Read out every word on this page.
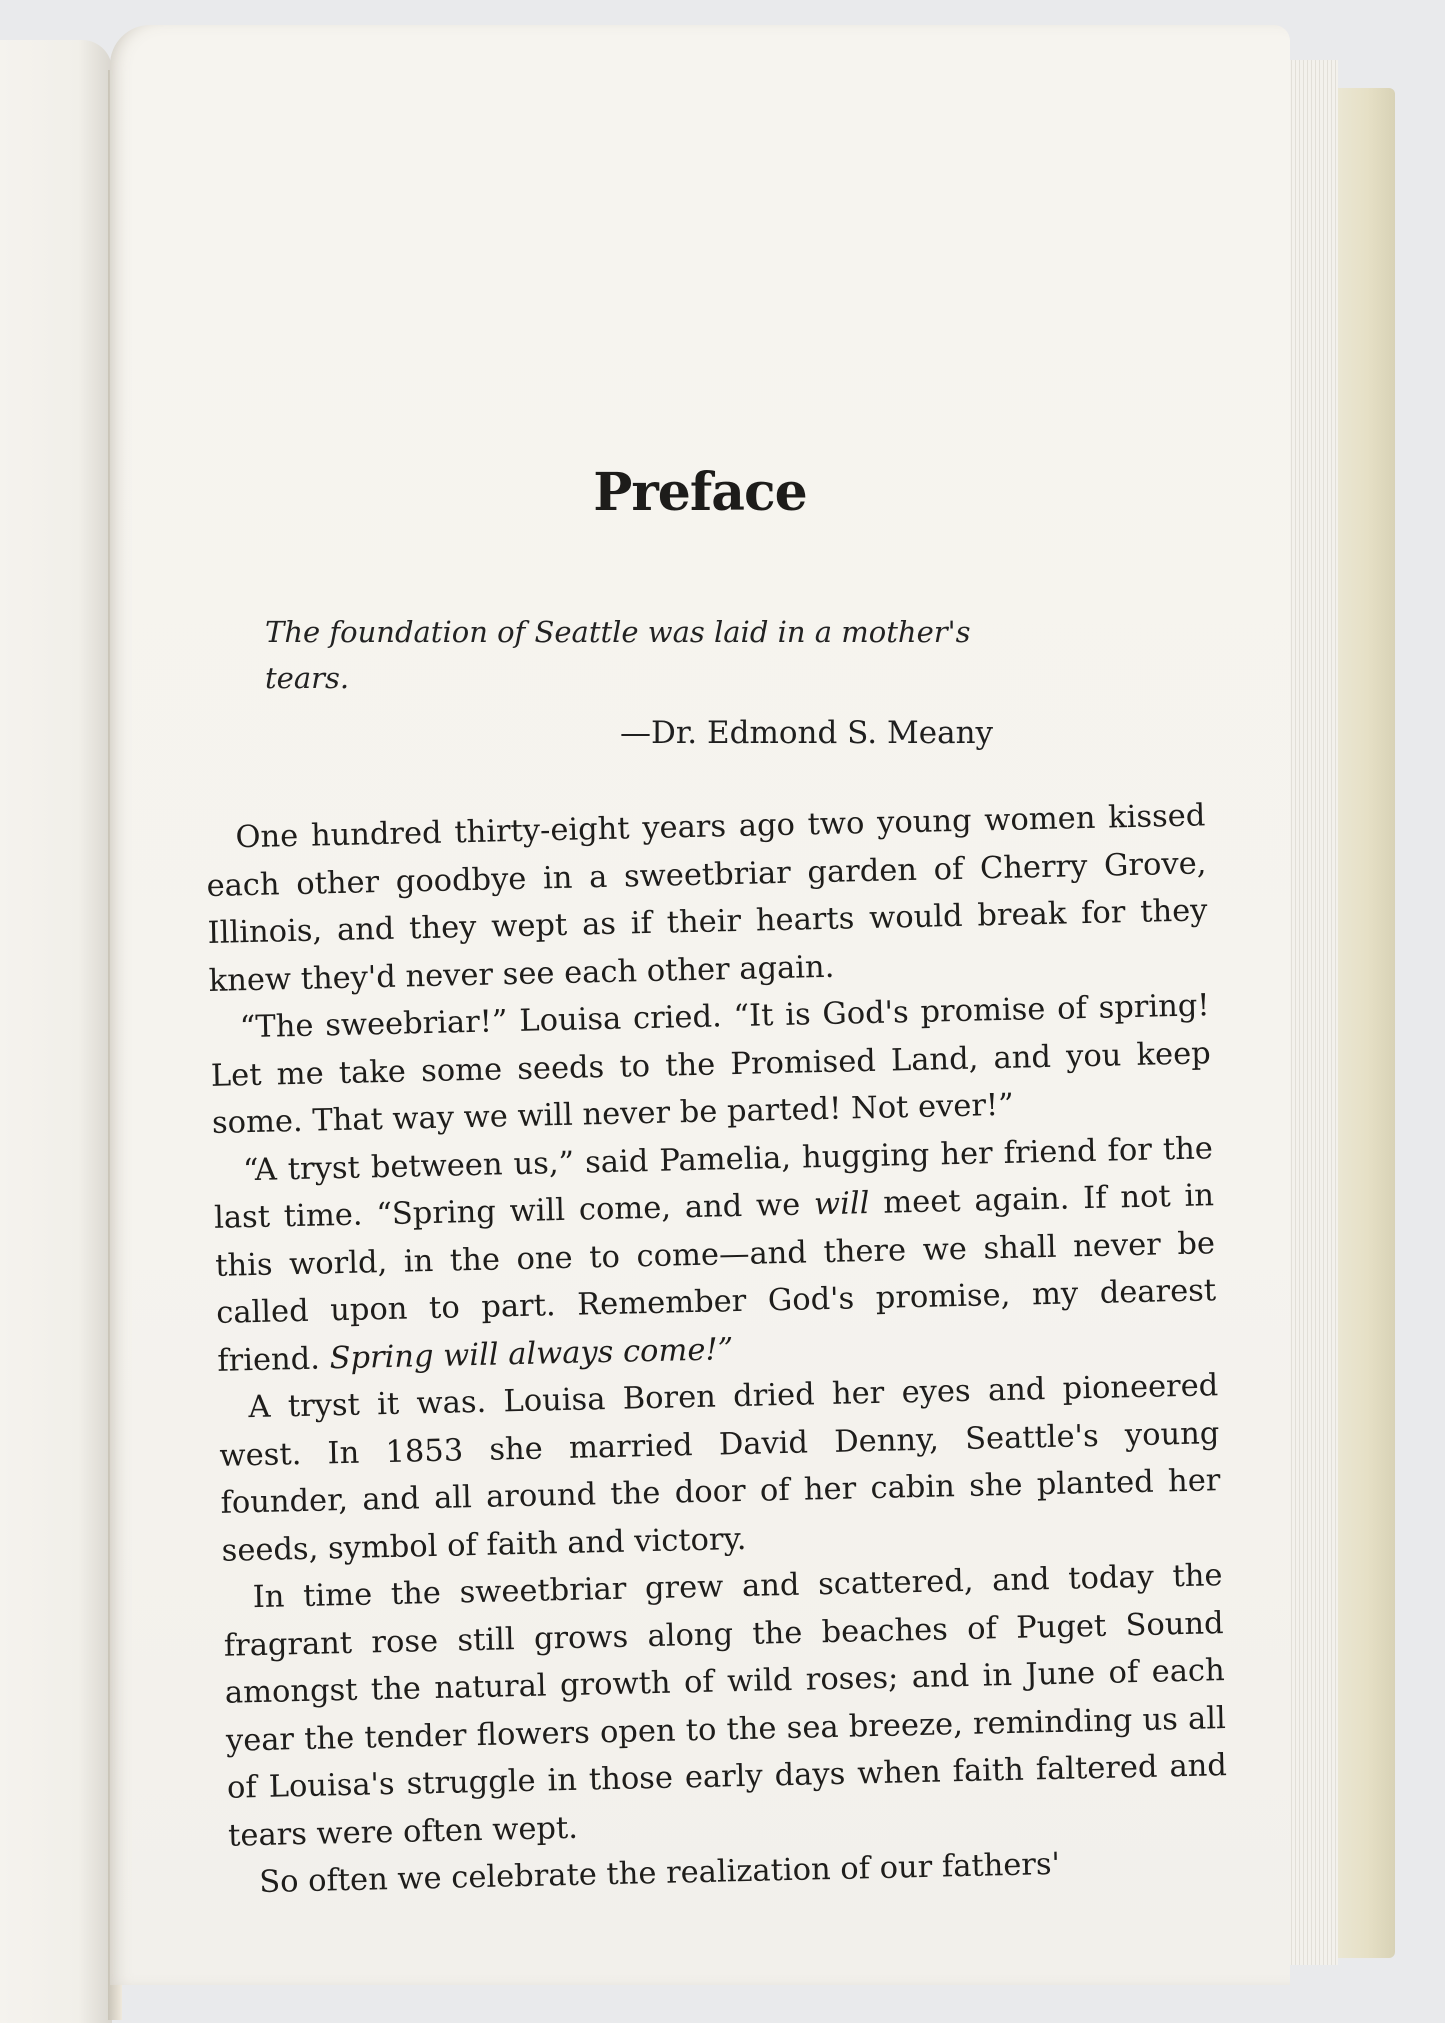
Preface
The foundation of Seattle was laid in a mother's
tears.
—Dr. Edmond S. Meany

One hundred thirty-eight years ago two young women kissed each other goodbye in a sweetbriar garden of Cherry Grove, Illinois, and they wept as if their hearts would break for they knew they'd never see each other again.

“The sweebriar!” Louisa cried. “It is God's promise of spring! Let me take some seeds to the Promised Land, and you keep some. That way we will never be parted! Not ever!”

“A tryst between us,” said Pamelia, hugging her friend for the last time. “Spring will come, and we will meet again. If not in this world, in the one to come—and there we shall never be called upon to part. Remember God's promise, my dearest friend. Spring will always come!”

A tryst it was. Louisa Boren dried her eyes and pioneered west. In 1853 she married David Denny, Seattle's young founder, and all around the door of her cabin she planted her seeds, symbol of faith and victory.

In time the sweetbriar grew and scattered, and today the fragrant rose still grows along the beaches of Puget Sound amongst the natural growth of wild roses; and in June of each year the tender flowers open to the sea breeze, reminding us all of Louisa's struggle in those early days when faith faltered and tears were often wept.

So often we celebrate the realization of our fathers'
